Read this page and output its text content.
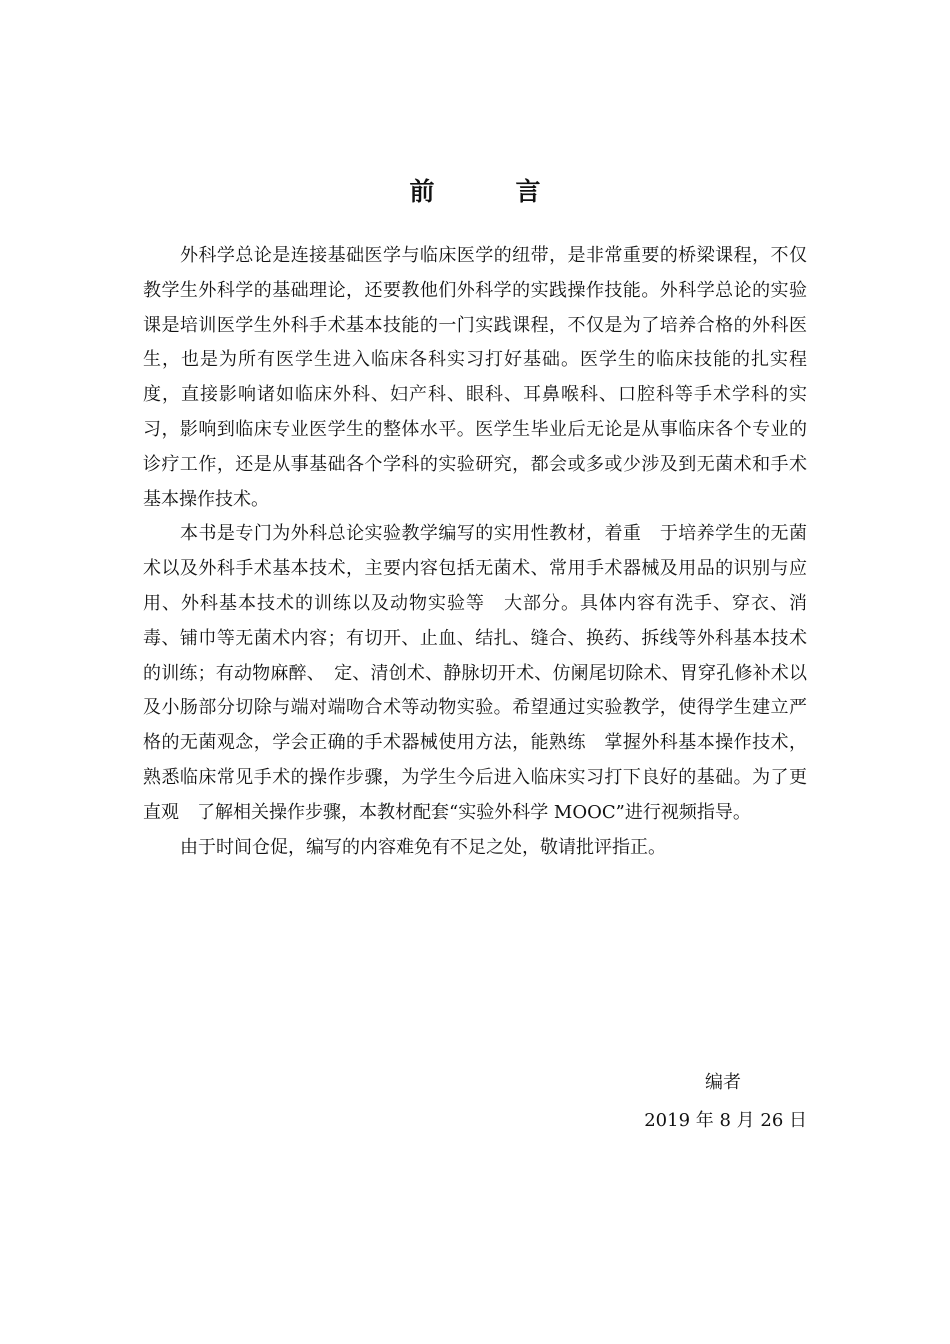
前　言

外科学总论是连接基础医学与临床医学的纽带，是非常重要的桥梁课程，不仅教学生外科学的基础理论，还要教他们外科学的实践操作技能。外科学总论的实验课是培训医学生外科手术基本技能的一门实践课程，不仅是为了培养合格的外科医生，也是为所有医学生进入临床各科实习打好基础。医学生的临床技能的扎实程度，直接影响诸如临床外科、妇产科、眼科、耳鼻喉科、口腔科等手术学科的实习，影响到临床专业医学生的整体水平。医学生毕业后无论是从事临床各个专业的诊疗工作，还是从事基础各个学科的实验研究，都会或多或少涉及到无菌术和手术基本操作技术。

本书是专门为外科总论实验教学编写的实用性教材，着重　于培养学生的无菌术以及外科手术基本技术，主要内容包括无菌术、常用手术器械及用品的识别与应用、外科基本技术的训练以及动物实验等　大部分。具体内容有洗手、穿衣、消毒、铺巾等无菌术内容；有切开、止血、结扎、缝合、换药、拆线等外科基本技术的训练；有动物麻醉、　定、清创术、静脉切开术、仿阑尾切除术、胃穿孔修补术以及小肠部分切除与端对端吻合术等动物实验。希望通过实验教学，使得学生建立严格的无菌观念，学会正确的手术器械使用方法，能熟练　掌握外科基本操作技术，熟悉临床常见手术的操作步骤，为学生今后进入临床实习打下良好的基础。为了更直观　了解相关操作步骤，本教材配套“实验外科学 MOOC”进行视频指导。

由于时间仓促，编写的内容难免有不足之处，敬请批评指正。

编者
2019 年 8 月 26 日
